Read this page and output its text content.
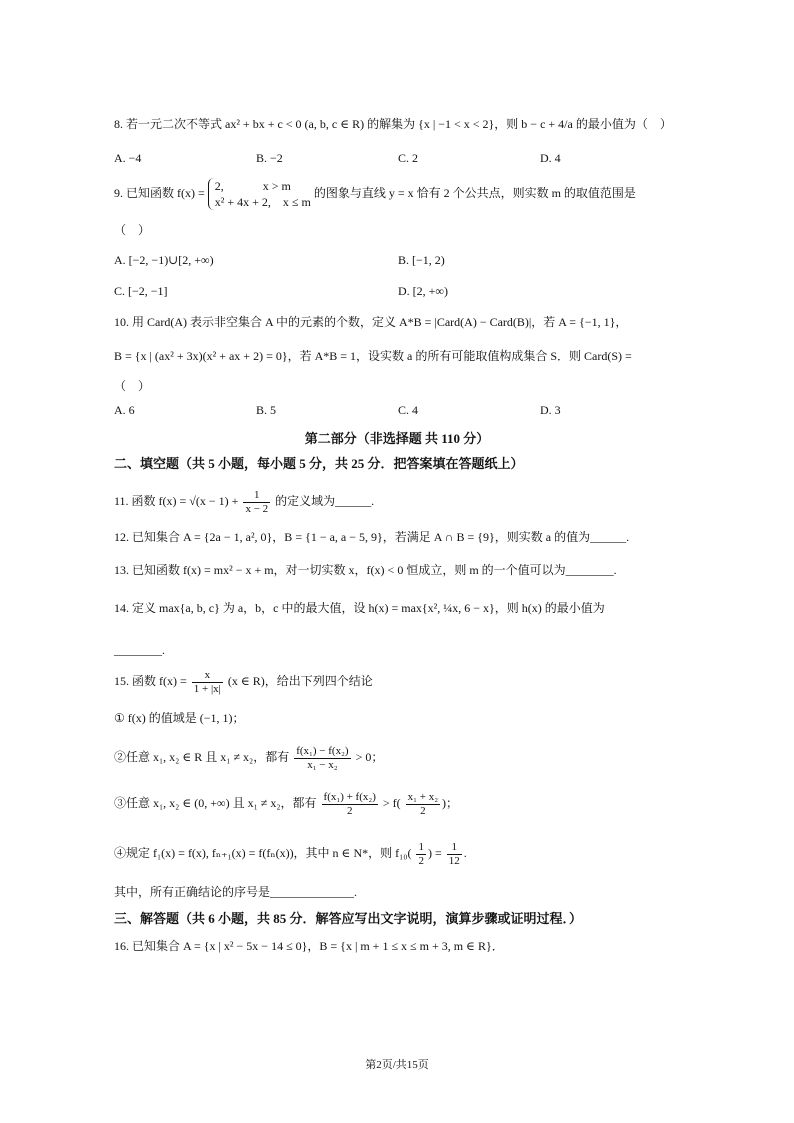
8. 若一元二次不等式 ax² + bx + c < 0 (a, b, c ∈ R) 的解集为 {x | −1 < x < 2}，则 b − c + 4/a 的最小值为（　）
A. −4	B. −2	C. 2	D. 4
9. 已知函数 f(x) = 2,　　　 x > m
x² + 4x + 2,　x ≤ m
的图象与直线 y = x 恰有 2 个公共点，则实数 m 的取值范围是
（　）
A. [−2, −1)∪[2, +∞)	B. [−1, 2)
C. [−2, −1]	D. [2, +∞)
10. 用 Card(A) 表示非空集合 A 中的元素的个数，定义 A*B = |Card(A) − Card(B)|，若 A = {−1, 1}，
B = {x | (ax² + 3x)(x² + ax + 2) = 0}，若 A*B = 1，设实数 a 的所有可能取值构成集合 S．则 Card(S) =
（　）
A. 6	B. 5	C. 4	D. 3
第二部分（非选择题 共 110 分）
二、填空题（共 5 小题，每小题 5 分，共 25 分．把答案填在答题纸上）
11. 函数 $f(x) = √(x - 1) + \frac{1}{x - 2}$ 的定义域为______.
12. 已知集合 A = {2a − 1, a², 0}，B = {1 − a, a − 5, 9}，若满足 A ∩ B = {9}，则实数 a 的值为______.
13. 已知函数 f(x) = mx² − x + m，对一切实数 x，f(x) < 0 恒成立，则 m 的一个值可以为________.
14. 定义 max{a, b, c} 为 a，b，c 中的最大值，设 h(x) = max{x², ¼x, 6 − x}，则 h(x) 的最小值为
________.
15. 函数 $f(x) = \frac{x}{1 + |x|} (x$ ∈ R)，给出下列四个结论
① f(x) 的值域是 (−1, 1)；
②任意 x₁, x₂ ∈ R 且 x₁ ≠ x₂，都有 $\frac{\text{f(x₁) − f(x₂)}}{\text{x₁ − x₂}} > 0$；
③任意 x₁, x₂ ∈ (0, +∞) 且 x₁ ≠ x₂，都有 $\frac{\text{f(x₁) + f(x₂)}}{2} > f( \frac{\text{x₁ + x₂}}{2}$ )；
④规定 f₁(x) = f(x), fₙ₊₁(x) = f(fₙ(x))，其中 n ∈ N*，则 $f_{10}( \frac{1}{2}$ ) = $\frac{1}{12}$ .
其中，所有正确结论的序号是______________.
三、解答题（共 6 小题，共 85 分．解答应写出文字说明，演算步骤或证明过程．）
16. 已知集合 A = {x | x² − 5x − 14 ≤ 0}，B = {x | m + 1 ≤ x ≤ m + 3, m ∈ R}．
第2页/共15页
